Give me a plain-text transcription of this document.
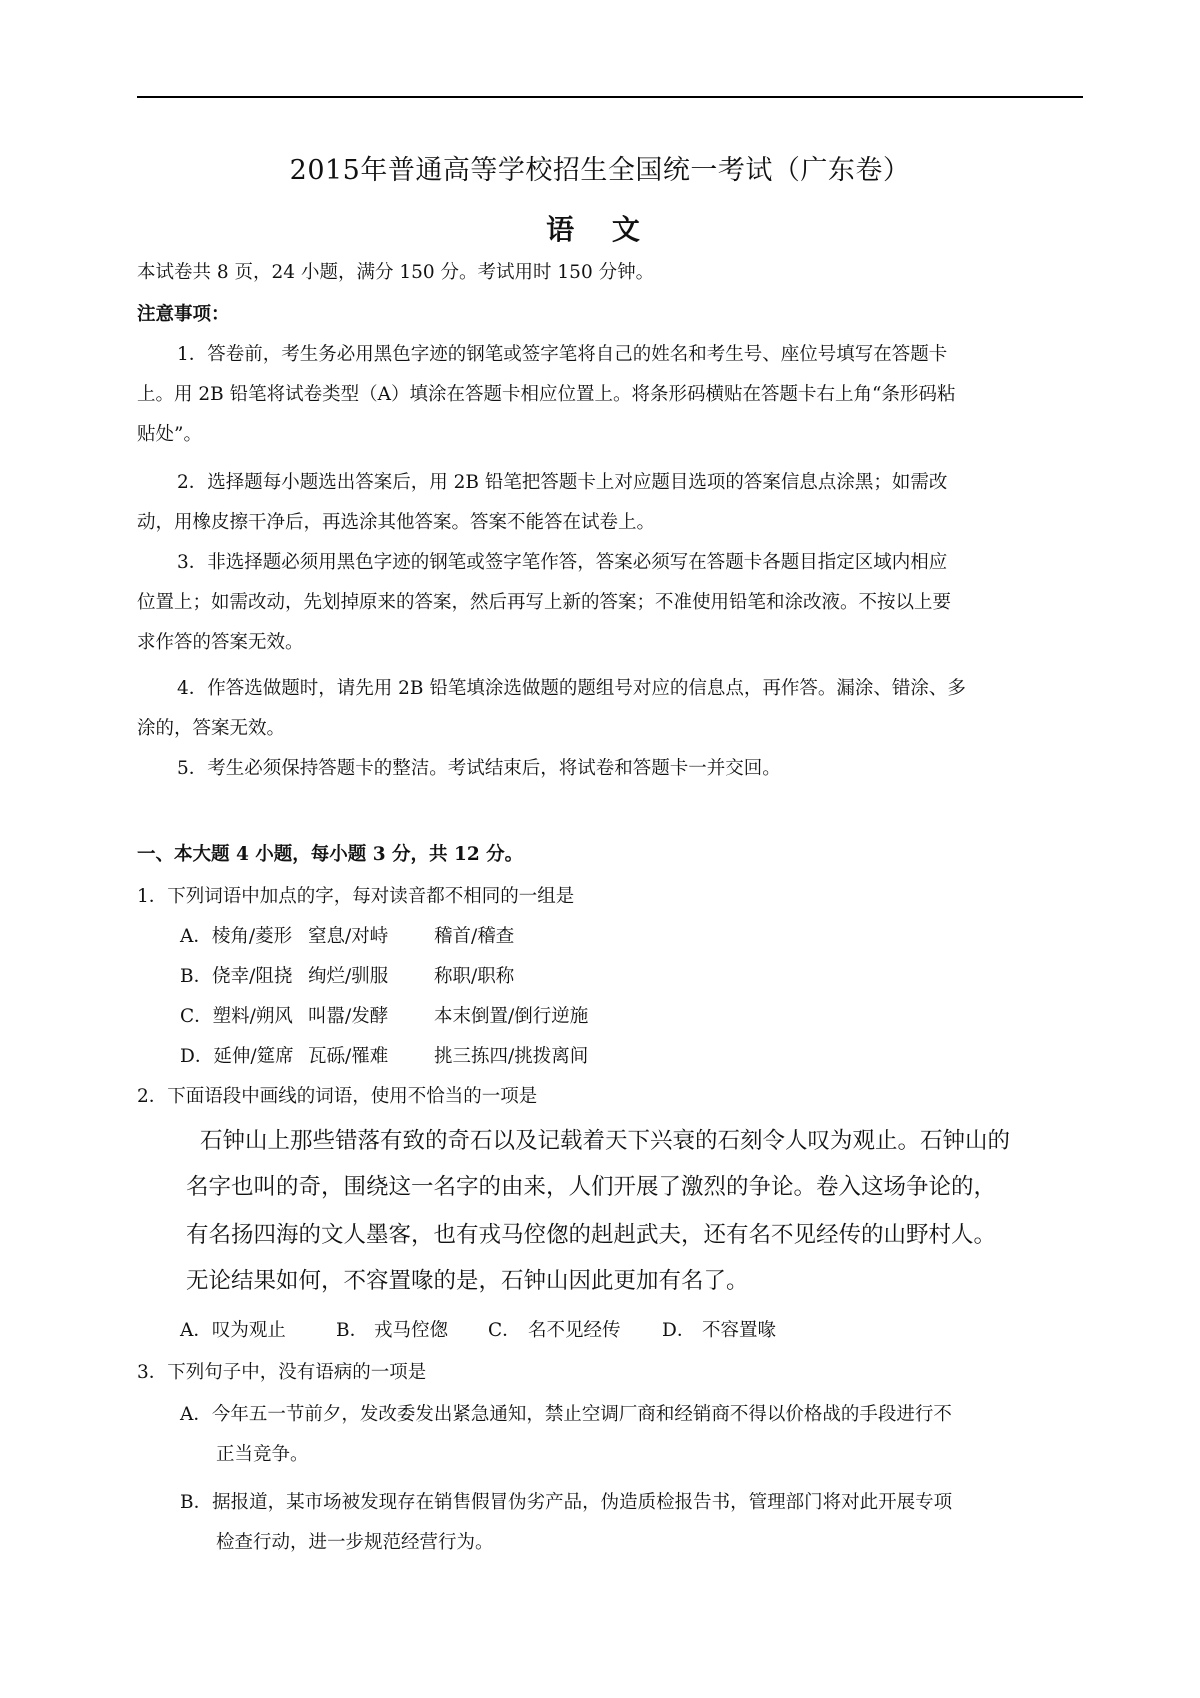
2015年普通高等学校招生全国统一考试（广东卷）
语 文
本试卷共 8 页，24 小题，满分 150 分。考试用时 150 分钟。
注意事项：
1．答卷前，考生务必用黑色字迹的钢笔或签字笔将自己的姓名和考生号、座位号填写在答题卡
上。用 2B 铅笔将试卷类型（A）填涂在答题卡相应位置上。将条形码横贴在答题卡右上角“条形码粘
贴处”。
2．选择题每小题选出答案后，用 2B 铅笔把答题卡上对应题目选项的答案信息点涂黑；如需改
动，用橡皮擦干净后，再选涂其他答案。答案不能答在试卷上。
3．非选择题必须用黑色字迹的钢笔或签字笔作答，答案必须写在答题卡各题目指定区域内相应
位置上；如需改动，先划掉原来的答案，然后再写上新的答案；不准使用铅笔和涂改液。不按以上要
求作答的答案无效。
4．作答选做题时，请先用 2B 铅笔填涂选做题的题组号对应的信息点，再作答。漏涂、错涂、多
涂的，答案无效。
5．考生必须保持答题卡的整洁。考试结束后，将试卷和答题卡一并交回。
一、本大题 4 小题，每小题 3 分，共 12 分。
1．下列词语中加点的字，每对读音都不相同的一组是
A．棱角/菱形 窒息/对峙 稽首/稽查
B．侥幸/阻挠 绚烂/驯服 称职/职称
C．塑料/朔风 叫嚣/发酵 本末倒置/倒行逆施
D．延伸/筵席 瓦砾/罹难 挑三拣四/挑拨离间
2．下面语段中画线的词语，使用不恰当的一项是
石钟山上那些错落有致的奇石以及记载着天下兴衰的石刻令人叹为观止。石钟山的
名字也叫的奇，围绕这一名字的由来，人们开展了激烈的争论。卷入这场争论的，
有名扬四海的文人墨客，也有戎马倥偬的赳赳武夫，还有名不见经传的山野村人。
无论结果如何，不容置喙的是，石钟山因此更加有名了。
A．叹为观止	B． 戎马倥偬 C． 名不见经传 D． 不容置喙
3．下列句子中，没有语病的一项是
A．今年五一节前夕，发改委发出紧急通知，禁止空调厂商和经销商不得以价格战的手段进行不
正当竞争。
B．据报道，某市场被发现存在销售假冒伪劣产品，伪造质检报告书，管理部门将对此开展专项
检查行动，进一步规范经营行为。
